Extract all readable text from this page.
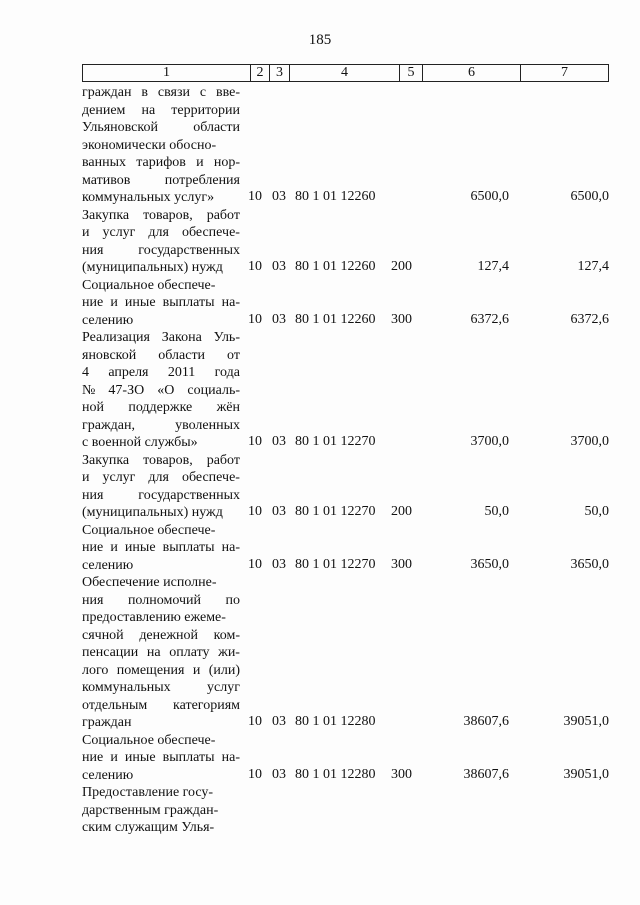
185
1	2 3	4	5	6	7
граждан в связи с вве-
дением на территории
Ульяновской	области
экономически обосно-
ванных тарифов и нор-
мативов потребления
коммунальных услуг»	10 03 80 1 01 12260	6500,0	6500,0
Закупка товаров, работ
и услуг для обеспече-
ния государственных
(муниципальных) нужд	10 03 80 1 01 12260 200	127,4	127,4
Социальное обеспече-
ние и иные выплаты на-
селению	10 03 80 1 01 12260 300	6372,6	6372,6
Реализация Закона Уль-
яновской области от
4 апреля 2011 года
№ 47-ЗО «О социаль-
ной поддержке жён
граждан,	уволенных
с военной службы»	10 03 80 1 01 12270	3700,0	3700,0
Закупка товаров, работ
и услуг для обеспече-
ния государственных
(муниципальных) нужд	10 03 80 1 01 12270 200	50,0	50,0
Социальное обеспече-
ние и иные выплаты на-
селению	10 03 80 1 01 12270 300	3650,0	3650,0
Обеспечение исполне-
ния полномочий по
предоставлению ежеме-
сячной денежной ком-
пенсации на оплату жи-
лого помещения и (или)
коммунальных	услуг
отдельным категориям
граждан	10 03 80 1 01 12280	38607,6	39051,0
Социальное обеспече-
ние и иные выплаты на-
селению	10 03 80 1 01 12280 300	38607,6	39051,0
Предоставление госу-
дарственным граждан-
ским служащим Улья-
